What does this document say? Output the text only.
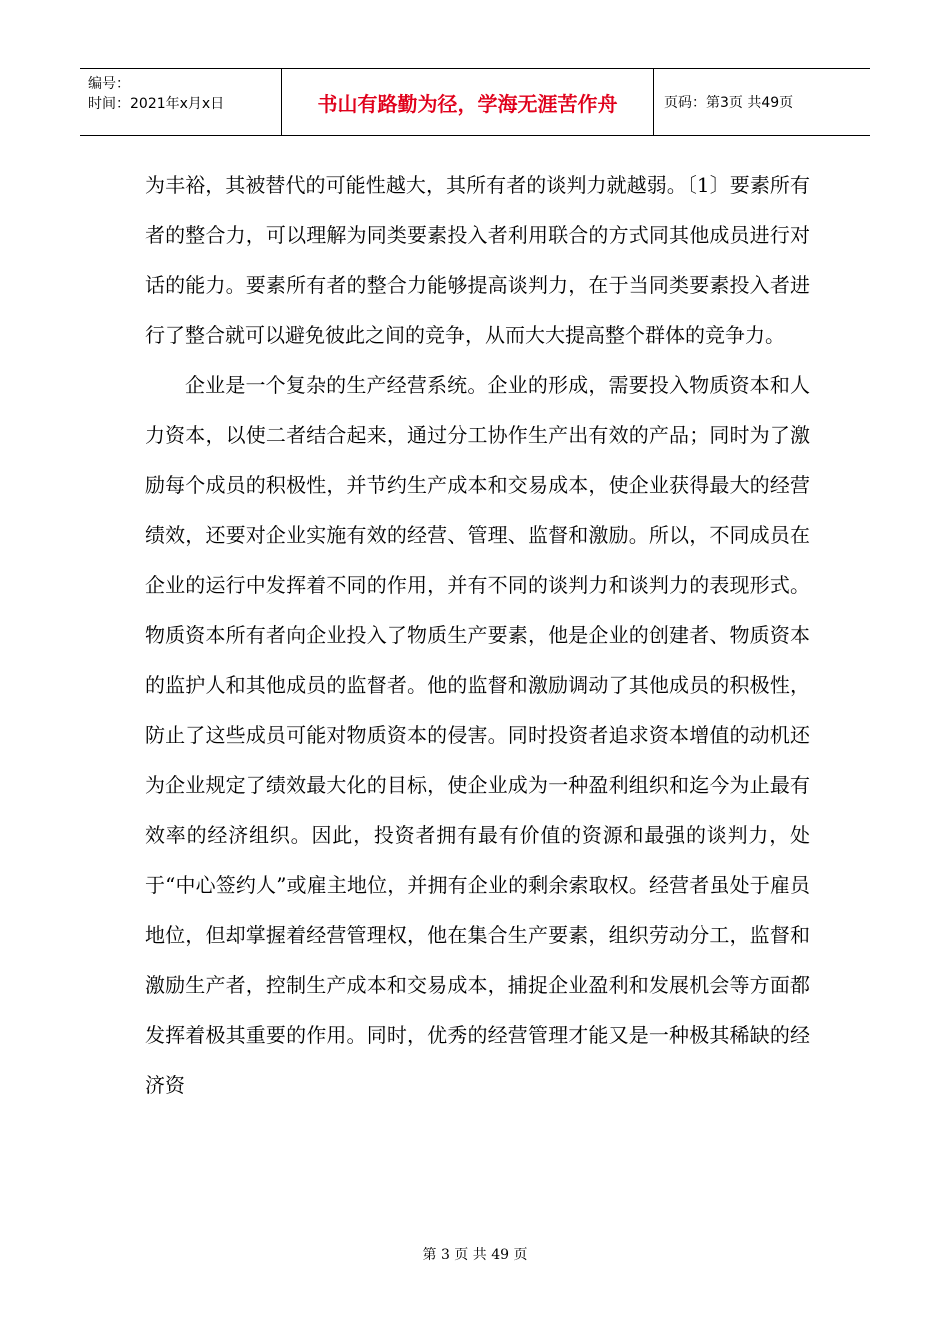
编号：
时间：2021年x月x日	书山有路勤为径，学海无涯苦作舟	页码：第3页 共49页

为丰裕，其被替代的可能性越大，其所有者的谈判力就越弱。〔1〕要素所有者的整合力，可以理解为同类要素投入者利用联合的方式同其他成员进行对话的能力。要素所有者的整合力能够提高谈判力，在于当同类要素投入者进行了整合就可以避免彼此之间的竞争，从而大大提高整个群体的竞争力。

企业是一个复杂的生产经营系统。企业的形成，需要投入物质资本和人力资本，以使二者结合起来，通过分工协作生产出有效的产品；同时为了激励每个成员的积极性，并节约生产成本和交易成本，使企业获得最大的经营绩效，还要对企业实施有效的经营、管理、监督和激励。所以，不同成员在企业的运行中发挥着不同的作用，并有不同的谈判力和谈判力的表现形式。物质资本所有者向企业投入了物质生产要素，他是企业的创建者、物质资本的监护人和其他成员的监督者。他的监督和激励调动了其他成员的积极性，防止了这些成员可能对物质资本的侵害。同时投资者追求资本增值的动机还为企业规定了绩效最大化的目标，使企业成为一种盈利组织和迄今为止最有效率的经济组织。因此，投资者拥有最有价值的资源和最强的谈判力，处于“中心签约人”或雇主地位，并拥有企业的剩余索取权。经营者虽处于雇员地位，但却掌握着经营管理权，他在集合生产要素，组织劳动分工，监督和激励生产者，控制生产成本和交易成本，捕捉企业盈利和发展机会等方面都发挥着极其重要的作用。同时，优秀的经营管理才能又是一种极其稀缺的经济资

第 3 页 共 49 页
